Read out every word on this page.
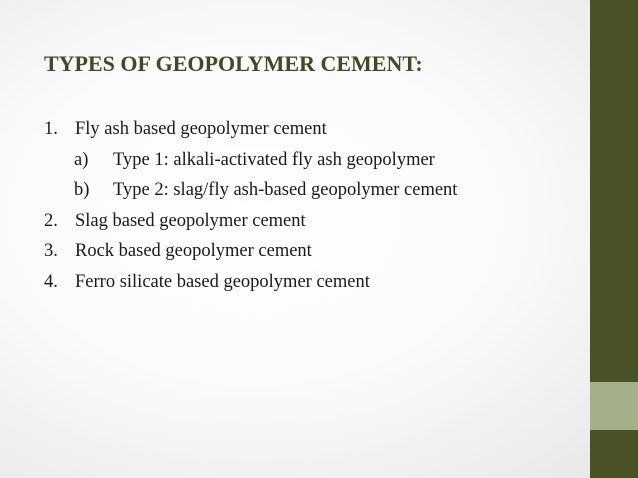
TYPES OF GEOPOLYMER CEMENT:
1. Fly ash based geopolymer cement
a) Type 1: alkali-activated fly ash geopolymer
b) Type 2: slag/fly ash-based geopolymer cement
2. Slag based geopolymer cement
3. Rock based geopolymer cement
4. Ferro silicate based geopolymer cement
